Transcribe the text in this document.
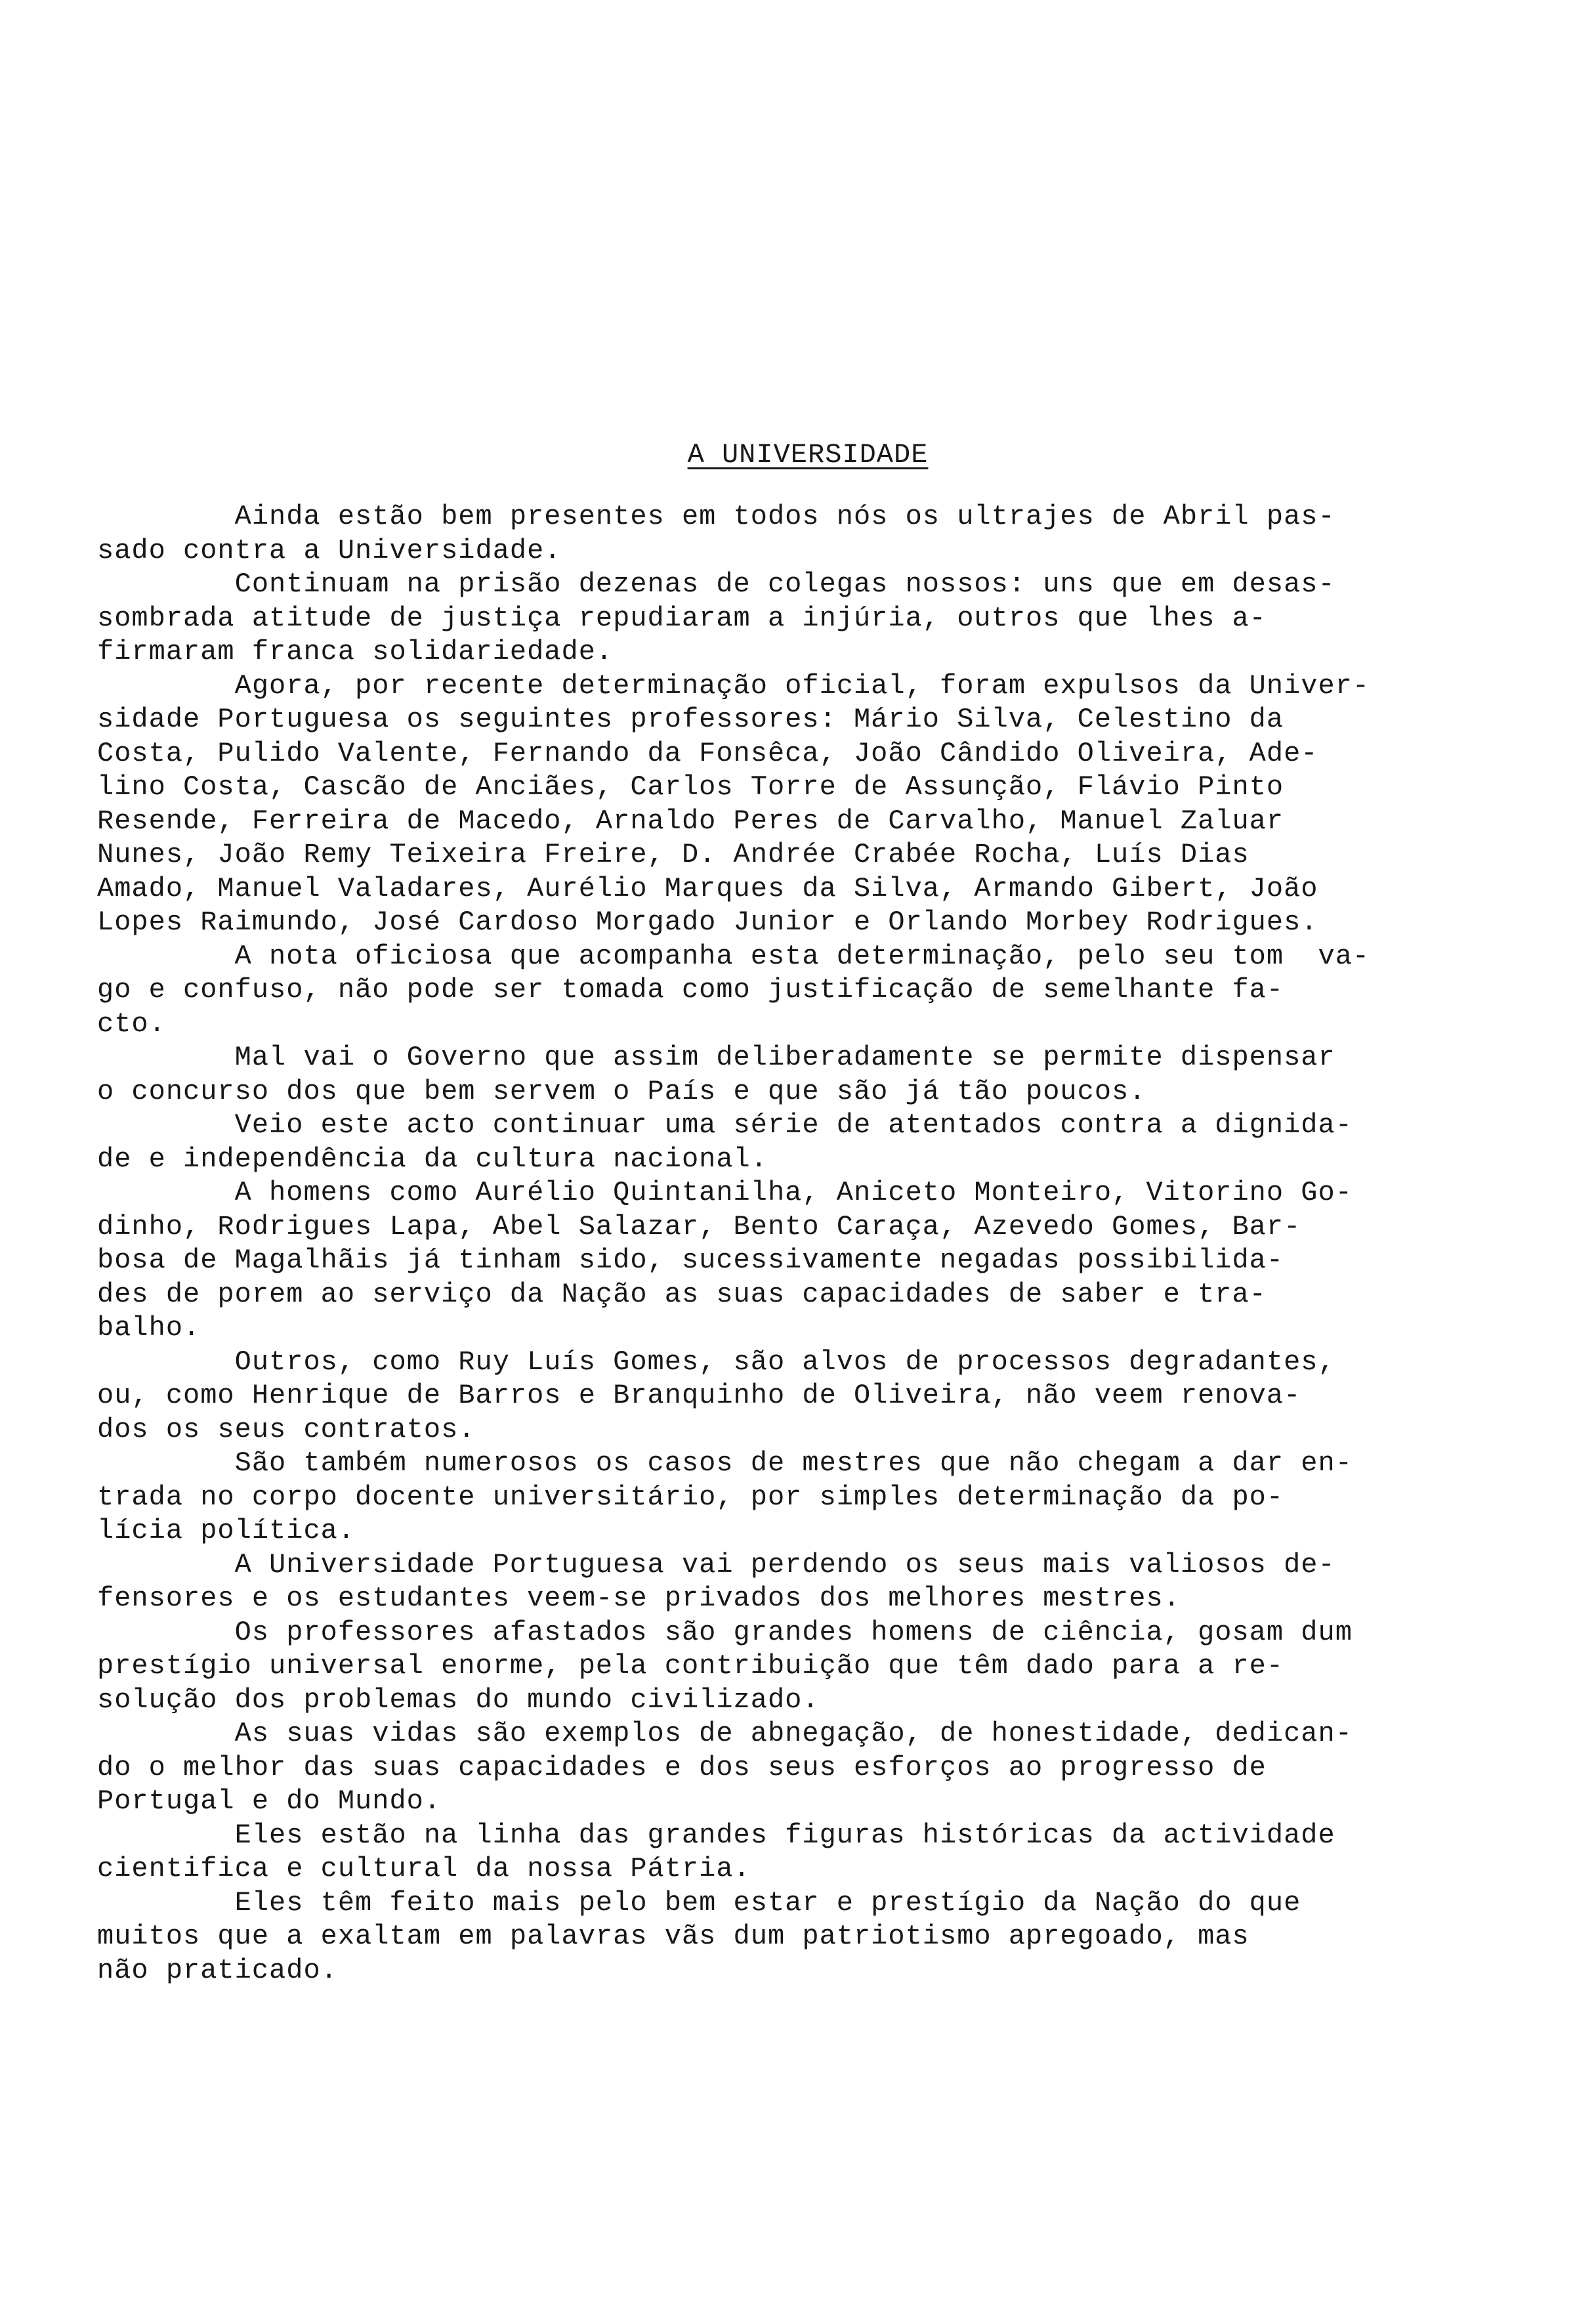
A UNIVERSIDADE
Ainda estão bem presentes em todos nós os ultrajes de Abril pas-
sado contra a Universidade.
Continuam na prisão dezenas de colegas nossos: uns que em desas-
sombrada atitude de justiça repudiaram a injúria, outros que lhes a-
firmaram franca solidariedade.
Agora, por recente determinação oficial, foram expulsos da Univer-
sidade Portuguesa os seguintes professores: Mário Silva, Celestino da
Costa, Pulido Valente, Fernando da Fonsêca, João Cândido Oliveira, Ade-
lino Costa, Cascão de Anciães, Carlos Torre de Assunção, Flávio Pinto
Resende, Ferreira de Macedo, Arnaldo Peres de Carvalho, Manuel Zaluar
Nunes, João Remy Teixeira Freire, D. Andrée Crabée Rocha, Luís Dias
Amado, Manuel Valadares, Aurélio Marques da Silva, Armando Gibert, João
Lopes Raimundo, José Cardoso Morgado Junior e Orlando Morbey Rodrigues.
A nota oficiosa que acompanha esta determinação, pelo seu tom  va-
go e confuso, não pode ser tomada como justificação de semelhante fa-
cto.
Mal vai o Governo que assim deliberadamente se permite dispensar
o concurso dos que bem servem o País e que são já tão poucos.
Veio este acto continuar uma série de atentados contra a dignida-
de e independência da cultura nacional.
A homens como Aurélio Quintanilha, Aniceto Monteiro, Vitorino Go-
dinho, Rodrigues Lapa, Abel Salazar, Bento Caraça, Azevedo Gomes, Bar-
bosa de Magalhãis já tinham sido, sucessivamente negadas possibilida-
des de porem ao serviço da Nação as suas capacidades de saber e tra-
balho.
Outros, como Ruy Luís Gomes, são alvos de processos degradantes,
ou, como Henrique de Barros e Branquinho de Oliveira, não veem renova-
dos os seus contratos.
São também numerosos os casos de mestres que não chegam a dar en-
trada no corpo docente universitário, por simples determinação da po-
lícia política.
A Universidade Portuguesa vai perdendo os seus mais valiosos de-
fensores e os estudantes veem-se privados dos melhores mestres.
Os professores afastados são grandes homens de ciência, gosam dum
prestígio universal enorme, pela contribuição que têm dado para a re-
solução dos problemas do mundo civilizado.
As suas vidas são exemplos de abnegação, de honestidade, dedican-
do o melhor das suas capacidades e dos seus esforços ao progresso de
Portugal e do Mundo.
Eles estão na linha das grandes figuras históricas da actividade
cientifica e cultural da nossa Pátria.
Eles têm feito mais pelo bem estar e prestígio da Nação do que
muitos que a exaltam em palavras vãs dum patriotismo apregoado, mas
não praticado.
